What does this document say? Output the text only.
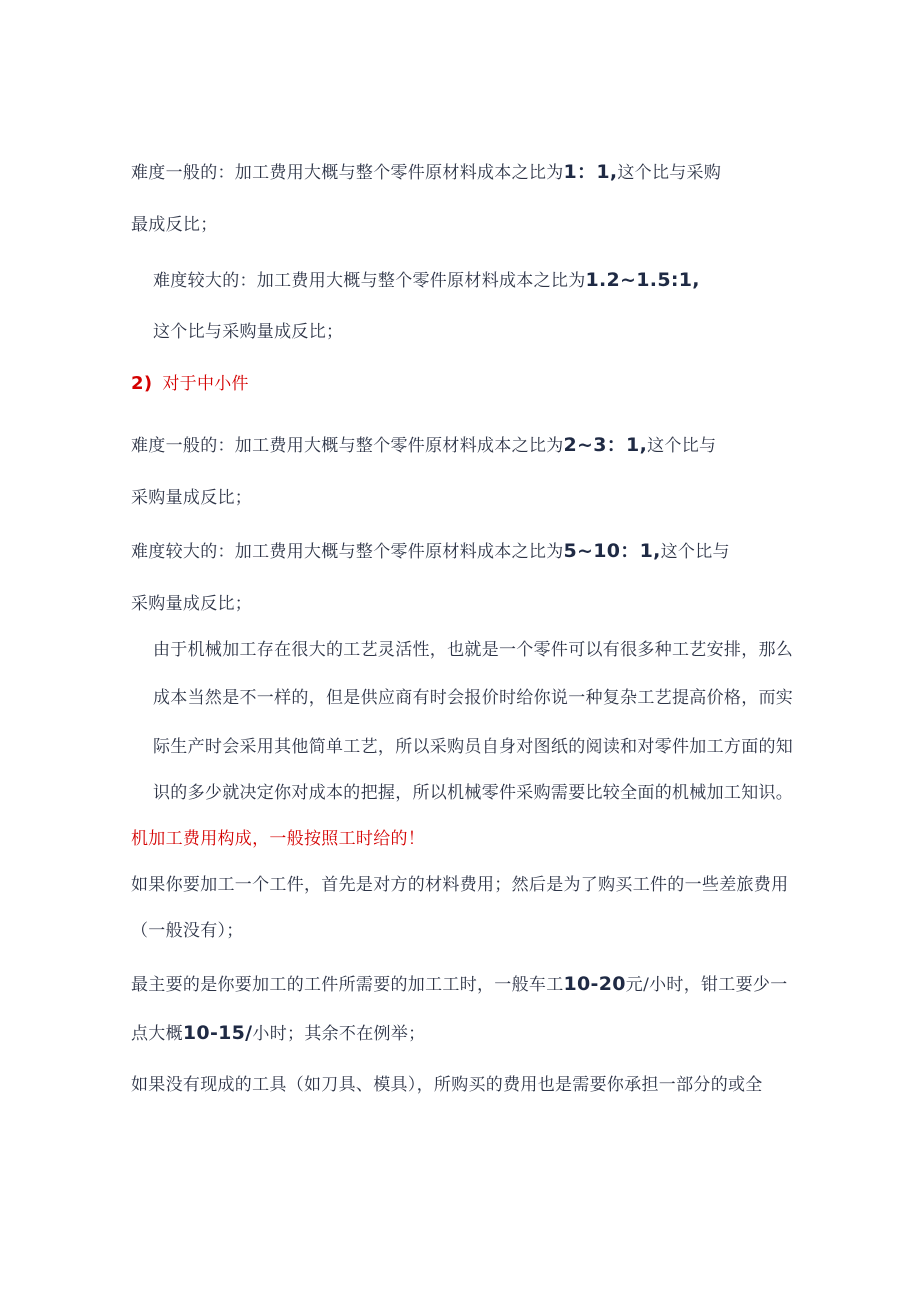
难度一般的：加工费用大概与整个零件原材料成本之比为1：1,这个比与采购
最成反比；
难度较大的：加工费用大概与整个零件原材料成本之比为1.2~1.5:1,
这个比与采购量成反比；
2) 对于中小件
难度一般的：加工费用大概与整个零件原材料成本之比为2~3：1,这个比与
采购量成反比；
难度较大的：加工费用大概与整个零件原材料成本之比为5~10：1,这个比与
采购量成反比；
由于机械加工存在很大的工艺灵活性，也就是一个零件可以有很多种工艺安排，那么
成本当然是不一样的，但是供应商有时会报价时给你说一种复杂工艺提高价格，而实
际生产时会采用其他简单工艺，所以采购员自身对图纸的阅读和对零件加工方面的知
识的多少就决定你对成本的把握，所以机械零件采购需要比较全面的机械加工知识。
机加工费用构成，一般按照工时给的！
如果你要加工一个工件，首先是对方的材料费用；然后是为了购买工件的一些差旅费用
（一般没有）；
最主要的是你要加工的工件所需要的加工工时，一般车工10-20元/小时，钳工要少一
点大概10-15/小时；其余不在例举；
如果没有现成的工具（如刀具、模具），所购买的费用也是需要你承担一部分的或全
